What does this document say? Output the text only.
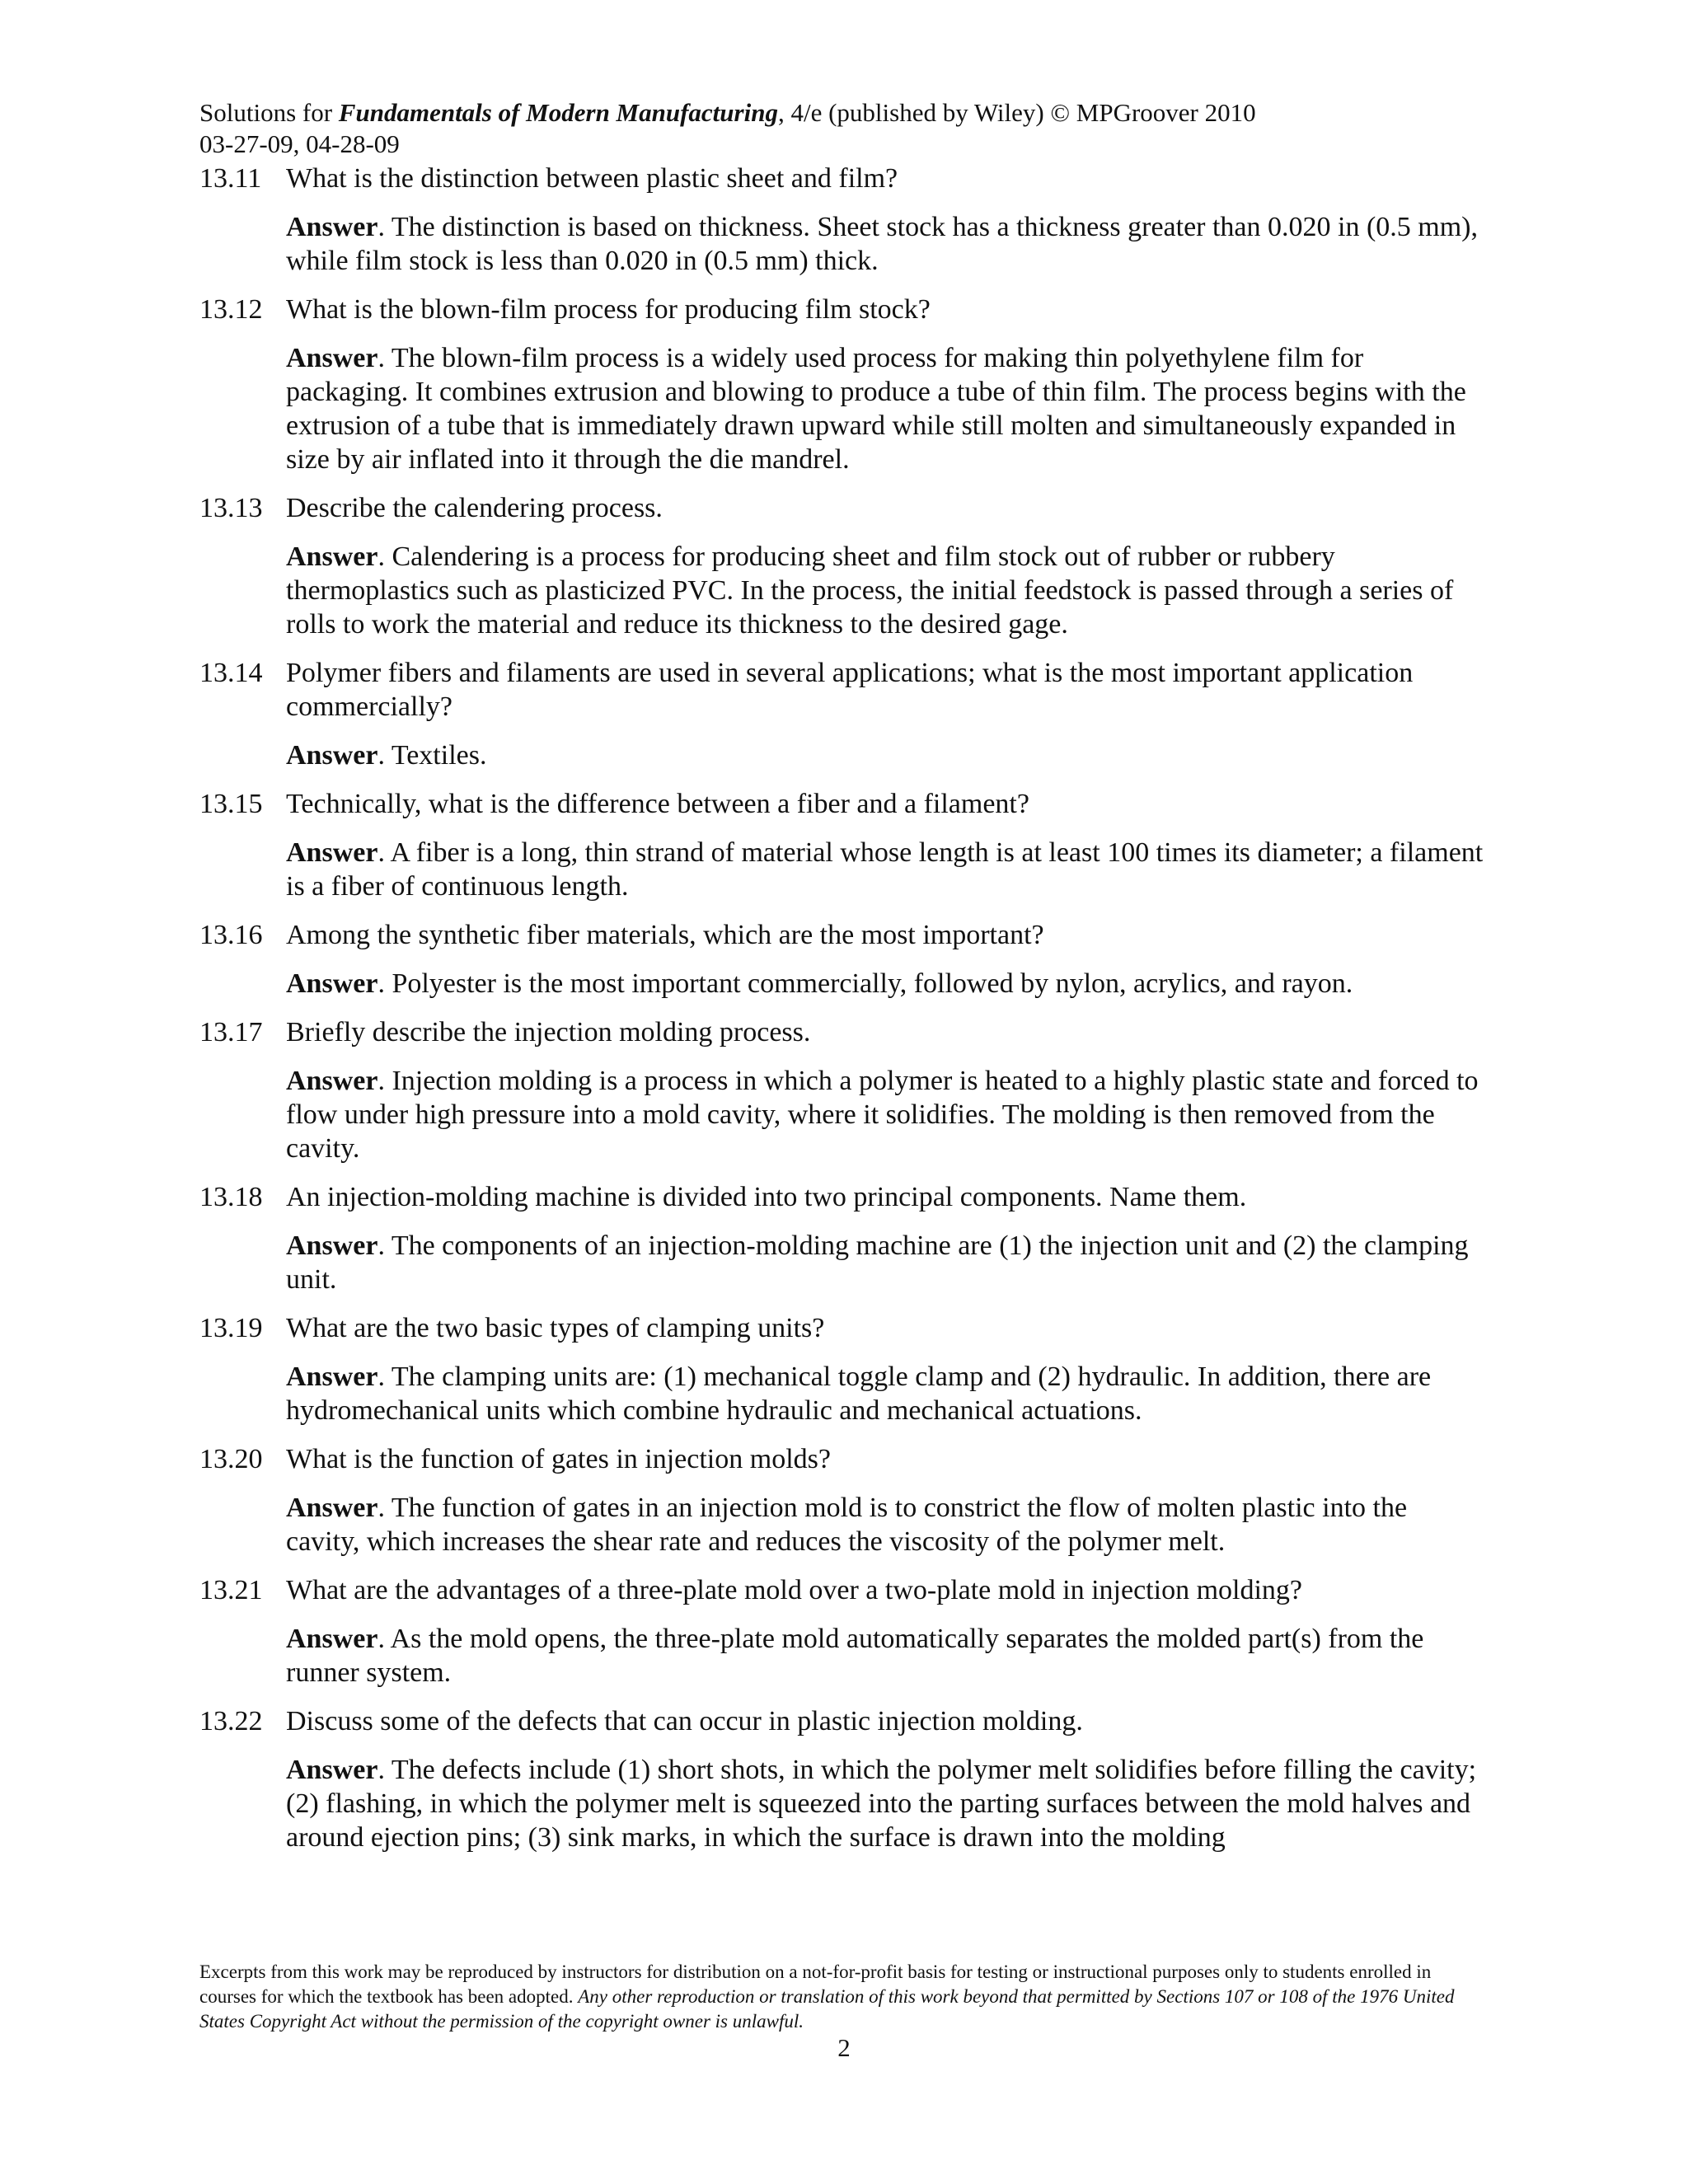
Solutions for Fundamentals of Modern Manufacturing, 4/e (published by Wiley) © MPGroover 2010
03-27-09, 04-28-09
13.11 What is the distinction between plastic sheet and film?
Answer. The distinction is based on thickness. Sheet stock has a thickness greater than 0.020 in (0.5 mm), while film stock is less than 0.020 in (0.5 mm) thick.
13.12 What is the blown-film process for producing film stock?
Answer. The blown-film process is a widely used process for making thin polyethylene film for packaging. It combines extrusion and blowing to produce a tube of thin film. The process begins with the extrusion of a tube that is immediately drawn upward while still molten and simultaneously expanded in size by air inflated into it through the die mandrel.
13.13 Describe the calendering process.
Answer. Calendering is a process for producing sheet and film stock out of rubber or rubbery thermoplastics such as plasticized PVC. In the process, the initial feedstock is passed through a series of rolls to work the material and reduce its thickness to the desired gage.
13.14 Polymer fibers and filaments are used in several applications; what is the most important application commercially?
Answer. Textiles.
13.15 Technically, what is the difference between a fiber and a filament?
Answer. A fiber is a long, thin strand of material whose length is at least 100 times its diameter; a filament is a fiber of continuous length.
13.16 Among the synthetic fiber materials, which are the most important?
Answer. Polyester is the most important commercially, followed by nylon, acrylics, and rayon.
13.17 Briefly describe the injection molding process.
Answer. Injection molding is a process in which a polymer is heated to a highly plastic state and forced to flow under high pressure into a mold cavity, where it solidifies. The molding is then removed from the cavity.
13.18 An injection-molding machine is divided into two principal components. Name them.
Answer. The components of an injection-molding machine are (1) the injection unit and (2) the clamping unit.
13.19 What are the two basic types of clamping units?
Answer. The clamping units are: (1) mechanical toggle clamp and (2) hydraulic. In addition, there are hydromechanical units which combine hydraulic and mechanical actuations.
13.20 What is the function of gates in injection molds?
Answer. The function of gates in an injection mold is to constrict the flow of molten plastic into the cavity, which increases the shear rate and reduces the viscosity of the polymer melt.
13.21 What are the advantages of a three-plate mold over a two-plate mold in injection molding?
Answer. As the mold opens, the three-plate mold automatically separates the molded part(s) from the runner system.
13.22 Discuss some of the defects that can occur in plastic injection molding.
Answer. The defects include (1) short shots, in which the polymer melt solidifies before filling the cavity; (2) flashing, in which the polymer melt is squeezed into the parting surfaces between the mold halves and around ejection pins; (3) sink marks, in which the surface is drawn into the molding
Excerpts from this work may be reproduced by instructors for distribution on a not-for-profit basis for testing or instructional purposes only to students enrolled in courses for which the textbook has been adopted. Any other reproduction or translation of this work beyond that permitted by Sections 107 or 108 of the 1976 United States Copyright Act without the permission of the copyright owner is unlawful.
2
